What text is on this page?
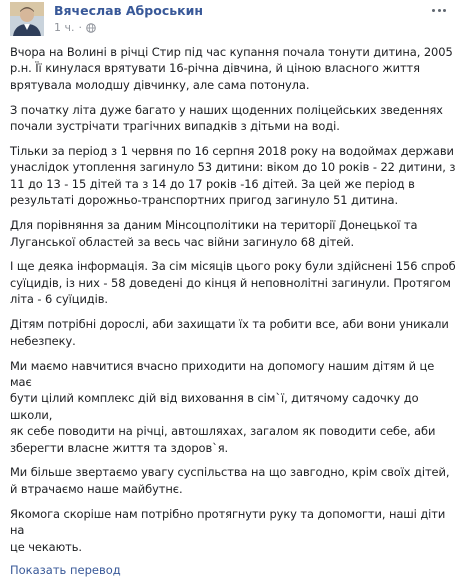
Вячеслав Аброськин
1 ч. ·

Вчора на Волині в річці Стир під час купання почала тонути дитина, 2005
р.н. Її кинулася врятувати 16-річна дівчина, й ціною власного життя
врятувала молодшу дівчинку, але сама потонула.

З початку літа дуже багато у наших щоденних поліцейських зведеннях
почали зустрічати трагічних випадків з дітьми на воді.

Тільки за період з 1 червня по 16 серпня 2018 року на водоймах держави
унаслідок утоплення загинуло 53 дитини: віком до 10 років - 22 дитини, з
11 до 13 - 15 дітей та з 14 до 17 років -16 дітей. За цей же період в
результаті дорожньо-транспортних пригод загинуло 51 дитина.

Для порівняння за даним Мінсоцполітики на території Донецької та
Луганської областей за весь час війни загинуло 68 дітей.

І ще деяка інформація. За сім місяців цього року були здійснені 156 спроб
суїцидів, із них - 58 доведені до кінця й неповнолітні загинули. Протягом
літа - 6 суїцидів.

Дітям потрібні дорослі, аби захищати їх та робити все, аби вони уникали
небезпеку.

Ми маємо навчитися вчасно приходити на допомогу нашим дітям й це має
бути цілий комплекс дій від виховання в сім`ї, дитячому садочку до школи,
як себе поводити на річці, автошляхах, загалом як поводити себе, аби
зберегти власне життя та здоров`я.

Ми більше звертаємо увагу суспільства на що завгодно, крім своїх дітей,
й втрачаємо наше майбутнє.

Якомога скоріше нам потрібно протягнути руку та допомогти, наші діти на
це чекають.

Показать перевод
